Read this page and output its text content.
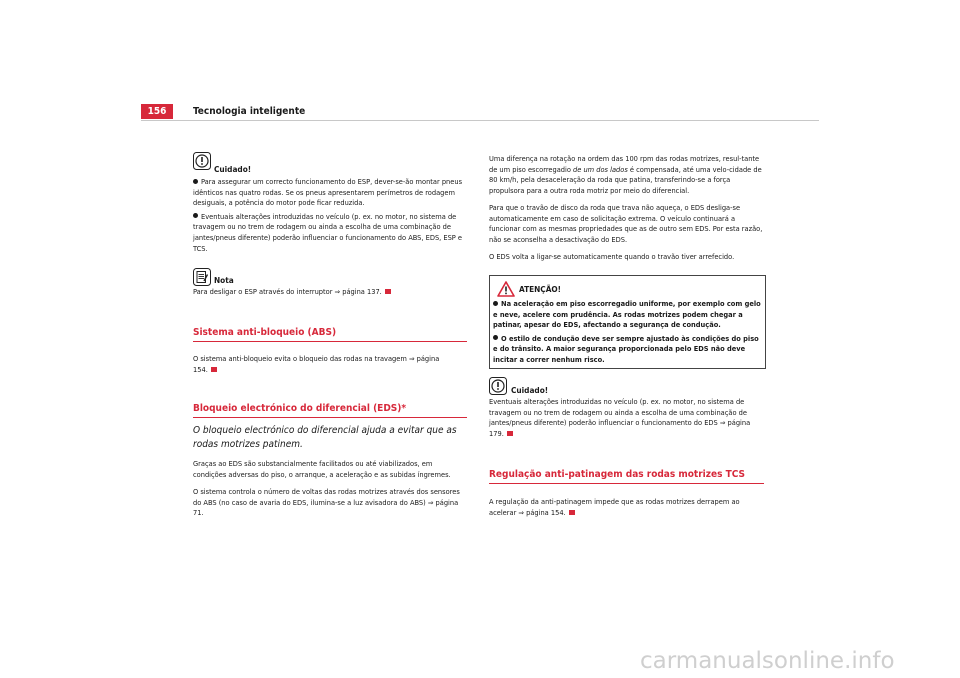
156	Tecnologia inteligente
Cuidado!

Para assegurar um correcto funcionamento do ESP, dever-se-ão montar pneus idênticos nas quatro rodas. Se os pneus apresentarem perímetros de rodagem desiguais, a potência do motor pode ficar reduzida.

Eventuais alterações introduzidas no veículo (p. ex. no motor, no sistema de travagem ou no trem de rodagem ou ainda a escolha de uma combinação de jantes/pneus diferente) poderão influenciar o funcionamento do ABS, EDS, ESP e TCS.

Nota

Para desligar o ESP através do interruptor ⇒ página 137.

Sistema anti-bloqueio (ABS)

O sistema anti-bloqueio evita o bloqueio das rodas na travagem ⇒ página 154.

Bloqueio electrónico do diferencial (EDS)*

O bloqueio electrónico do diferencial ajuda a evitar que as rodas motrizes patinem.

Graças ao EDS são substancialmente facilitados ou até viabilizados, em condições adversas do piso, o arranque, a aceleração e as subidas íngremes.

O sistema controla o número de voltas das rodas motrizes através dos sensores do ABS (no caso de avaria do EDS, ilumina-se a luz avisadora do ABS) ⇒ página 71.

Uma diferença na rotação na ordem das 100 rpm das rodas motrizes, resul-tante de um piso escorregadio de um dos lados é compensada, até uma velo-cidade de 80 km/h, pela desaceleração da roda que patina, transferindo-se a força propulsora para a outra roda motriz por meio do diferencial.

Para que o travão de disco da roda que trava não aqueça, o EDS desliga-se automaticamente em caso de solicitação extrema. O veículo continuará a funcionar com as mesmas propriedades que as de outro sem EDS. Por esta razão, não se aconselha a desactivação do EDS.

O EDS volta a ligar-se automaticamente quando o travão tiver arrefecido.

ATENÇÃO!

Na aceleração em piso escorregadio uniforme, por exemplo com gelo e neve, acelere com prudência. As rodas motrizes podem chegar a patinar, apesar do EDS, afectando a segurança de condução.

O estilo de condução deve ser sempre ajustado às condições do piso e do trânsito. A maior segurança proporcionada pelo EDS não deve incitar a correr nenhum risco.

Cuidado!

Eventuais alterações introduzidas no veículo (p. ex. no motor, no sistema de travagem ou no trem de rodagem ou ainda a escolha de uma combinação de jantes/pneus diferente) poderão influenciar o funcionamento do EDS ⇒ página 179.

Regulação anti-patinagem das rodas motrizes TCS

A regulação da anti-patinagem impede que as rodas motrizes derrapem ao acelerar ⇒ página 154.

carmanualsonline.info
